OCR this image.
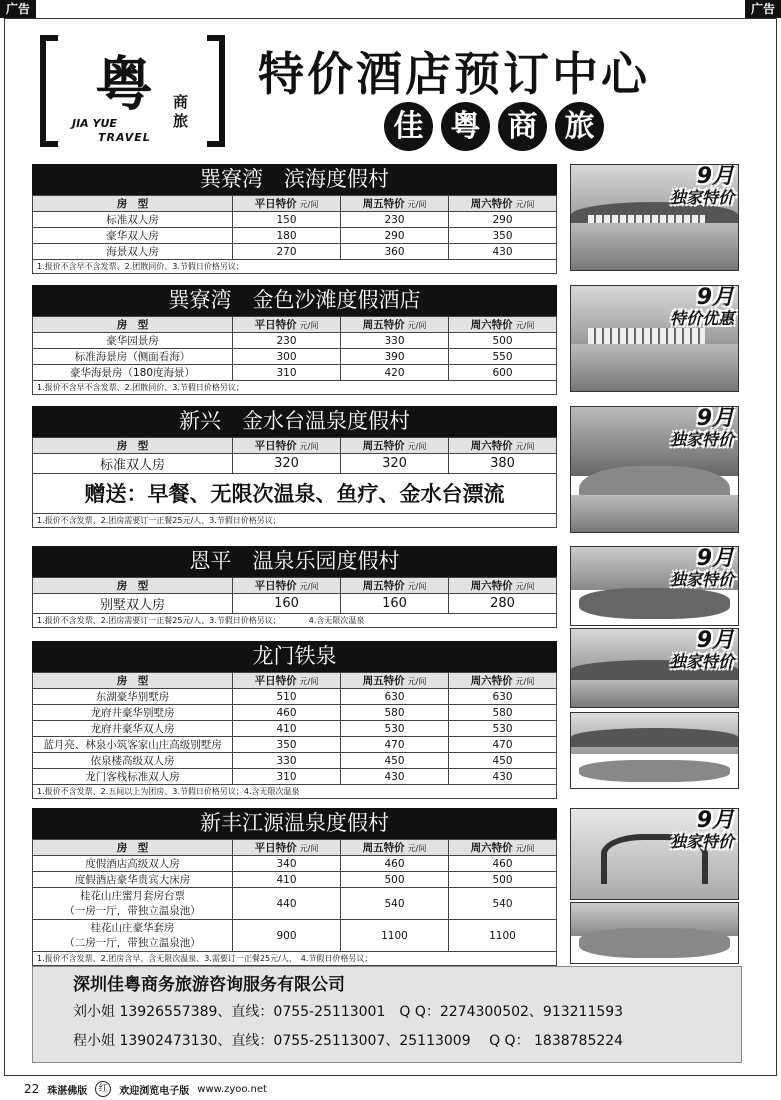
广告	广告
粤
JIA YUE
TRAVEL
商
旅
特价酒店预订中心
佳 粤 商 旅
巽寮湾　滨海度假村
房　型	平日特价 元/间	周五特价 元/间	周六特价 元/间
标准双人房	150	230	290
豪华双人房	180	290	350
海景双人房	270	360	430
1.报价不含早不含发票、2.团散同价、3.节假日价格另议；
9月
独家特价
巽寮湾　金色沙滩度假酒店
房　型	平日特价 元/间	周五特价 元/间	周六特价 元/间
豪华园景房	230	330	500
标准海景房（侧面看海）	300	390	550
豪华海景房（180度海景）	310	420	600
1.报价不含早不含发票、2.团散同价、3.节假日价格另议；
9月
特价优惠
新兴　金水台温泉度假村
房　型	平日特价 元/间	周五特价 元/间	周六特价 元/间
标准双人房	320	320	380
赠送：早餐、无限次温泉、鱼疗、金水台漂流
1.报价不含发票、2.团房需要订一正餐25元/人、3.节假日价格另议；
9月
独家特价
恩平　温泉乐园度假村
房　型	平日特价 元/间	周五特价 元/间	周六特价 元/间
别墅双人房	160	160	280
1.报价不含发票、2.团房需要订一正餐25元/人、3.节假日价格另议；　　　　4.含无限次温泉
9月
独家特价
龙门铁泉
房　型	平日特价 元/间	周五特价 元/间	周六特价 元/间
东湖豪华别墅房	510	630	630
龙府井豪华别墅房	460	580	580
龙府井豪华双人房	410	530	530
蓝月亮、林泉小筑客家山庄高级别墅房	350	470	470
依泉楼高级双人房	330	450	450
龙门客栈标准双人房	310	430	430
1.报价不含发票、2.五间以上为团房、3.节假日价格另议；4.含无限次温泉
9月
独家特价
新丰江源温泉度假村
房　型	平日特价 元/间	周五特价 元/间	周六特价 元/间
度假酒店高级双人房	340	460	460
度假酒店豪华贵宾大床房	410	500	500
桂花山庄蜜月套房台票
（一房一厅，带独立温泉池）	440	540	540
桂花山庄豪华套房
（二房一厅，带独立温泉池）	900	1100	1100
1.报价不含发票、2.团房含早、含无限次温泉、3.需要订一正餐25元/人、　4.节假日价格另议；
9月
独家特价
深圳佳粤商务旅游咨询服务有限公司
刘小姐 13926557389、直线：0755-25113001　Q Q：2274300502、913211593
程小姐 13902473130、直线：0755-25113007、25113009　 Q Q： 1838785224
22 珠湛佛版	红	欢迎浏览电子版 www.zyoo.net
